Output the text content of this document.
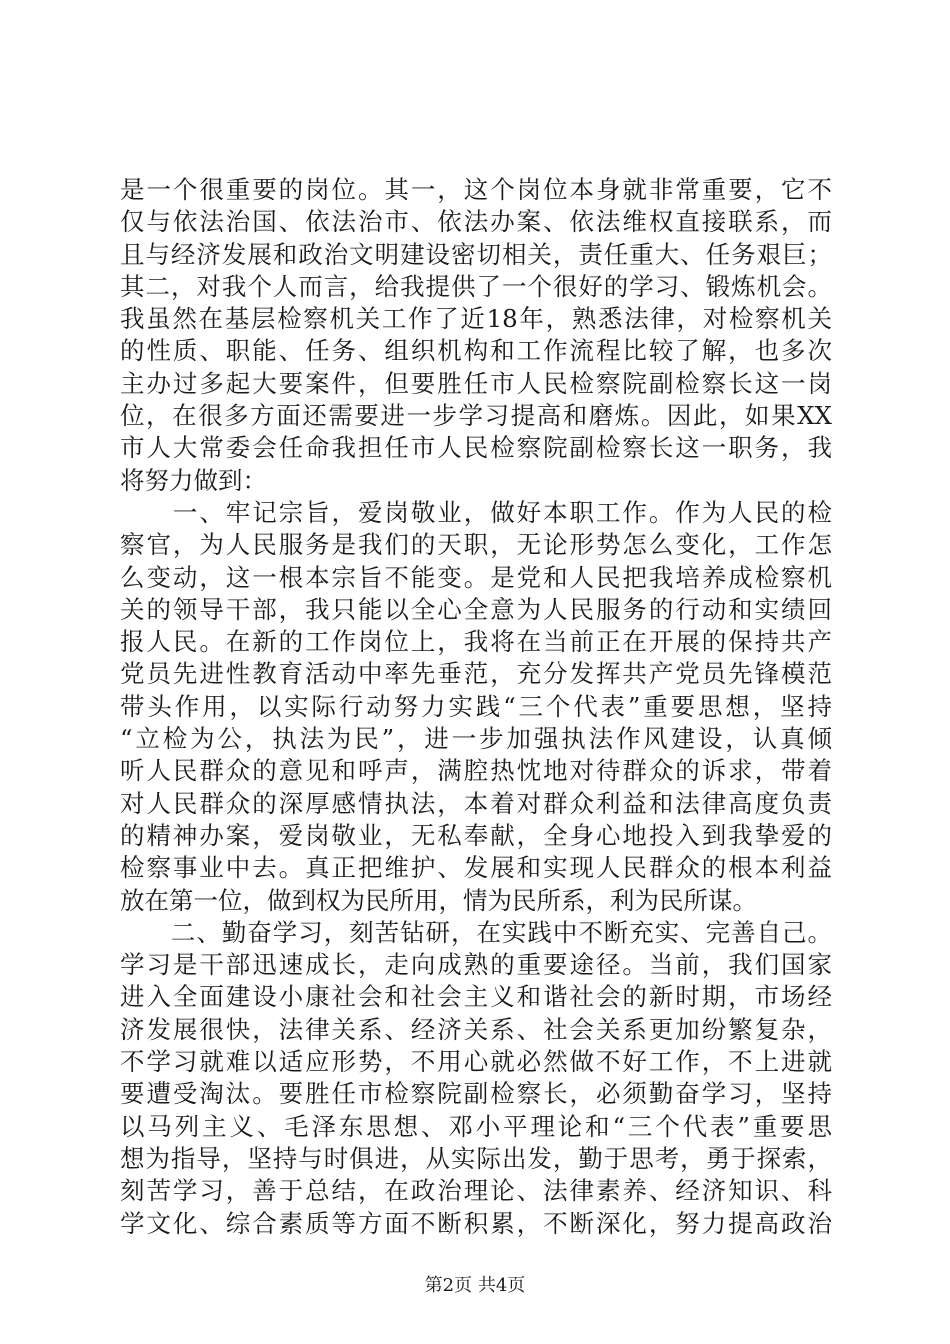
是一个很重要的岗位。其一，这个岗位本身就非常重要，它不
仅与依法治国、依法治市、依法办案、依法维权直接联系，而
且与经济发展和政治文明建设密切相关，责任重大、任务艰巨；
其二，对我个人而言，给我提供了一个很好的学习、锻炼机会。
我虽然在基层检察机关工作了近18年，熟悉法律，对检察机关
的性质、职能、任务、组织机构和工作流程比较了解，也多次
主办过多起大要案件，但要胜任市人民检察院副检察长这一岗
位，在很多方面还需要进一步学习提高和磨炼。因此，如果XX
市人大常委会任命我担任市人民检察院副检察长这一职务，我
将努力做到：
　　一、牢记宗旨，爱岗敬业，做好本职工作。作为人民的检
察官，为人民服务是我们的天职，无论形势怎么变化，工作怎
么变动，这一根本宗旨不能变。是党和人民把我培养成检察机
关的领导干部，我只能以全心全意为人民服务的行动和实绩回
报人民。在新的工作岗位上，我将在当前正在开展的保持共产
党员先进性教育活动中率先垂范，充分发挥共产党员先锋模范
带头作用，以实际行动努力实践“三个代表”重要思想，坚持
“立检为公，执法为民”，进一步加强执法作风建设，认真倾
听人民群众的意见和呼声，满腔热忱地对待群众的诉求，带着
对人民群众的深厚感情执法，本着对群众利益和法律高度负责
的精神办案，爱岗敬业，无私奉献，全身心地投入到我挚爱的
检察事业中去。真正把维护、发展和实现人民群众的根本利益
放在第一位，做到权为民所用，情为民所系，利为民所谋。
　　二、勤奋学习，刻苦钻研，在实践中不断充实、完善自己。
学习是干部迅速成长，走向成熟的重要途径。当前，我们国家
进入全面建设小康社会和社会主义和谐社会的新时期，市场经
济发展很快，法律关系、经济关系、社会关系更加纷繁复杂，
不学习就难以适应形势，不用心就必然做不好工作，不上进就
要遭受淘汰。要胜任市检察院副检察长，必须勤奋学习，坚持
以马列主义、毛泽东思想、邓小平理论和“三个代表”重要思
想为指导，坚持与时俱进，从实际出发，勤于思考，勇于探索，
刻苦学习，善于总结，在政治理论、法律素养、经济知识、科
学文化、综合素质等方面不断积累，不断深化，努力提高政治
第2页 共4页
